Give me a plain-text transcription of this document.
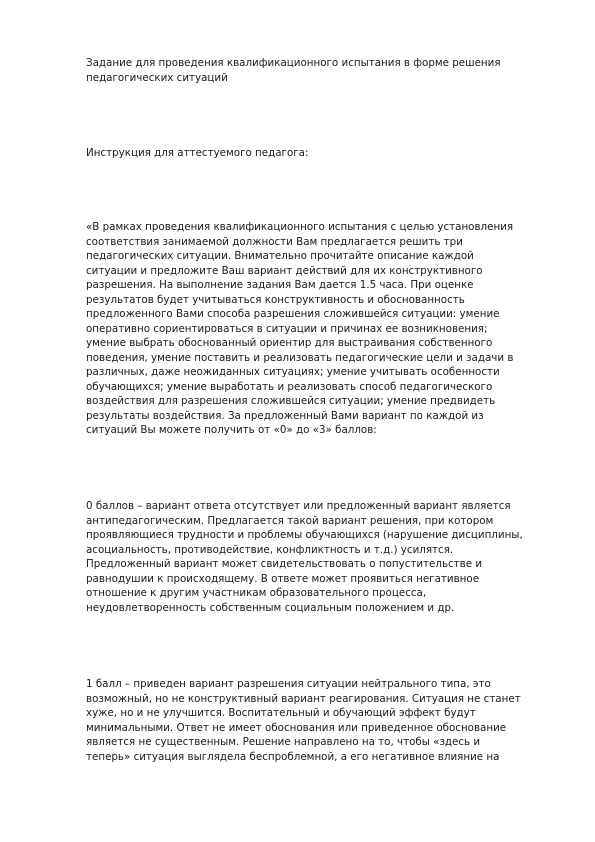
Задание для проведения квалификационного испытания в форме решения
педагогических ситуаций

Инструкция для аттестуемого педагога:

«В рамках проведения квалификационного испытания с целью установления
соответствия занимаемой должности Вам предлагается решить три
педагогических ситуации. Внимательно прочитайте описание каждой
ситуации и предложите Ваш вариант действий для их конструктивного
разрешения. На выполнение задания Вам дается 1.5 часа. При оценке
результатов будет учитываться конструктивность и обоснованность
предложенного Вами способа разрешения сложившейся ситуации: умение
оперативно сориентироваться в ситуации и причинах ее возникновения;
умение выбрать обоснованный ориентир для выстраивания собственного
поведения, умение поставить и реализовать педагогические цели и задачи в
различных, даже неожиданных ситуациях; умение учитывать особенности
обучающихся; умение выработать и реализовать способ педагогического
воздействия для разрешения сложившейся ситуации; умение предвидеть
результаты воздействия. За предложенный Вами вариант по каждой из
ситуаций Вы можете получить от «0» до «3» баллов:

0 баллов – вариант ответа отсутствует или предложенный вариант является
антипедагогическим. Предлагается такой вариант решения, при котором
проявляющиеся трудности и проблемы обучающихся (нарушение дисциплины,
асоциальность, противодействие, конфликтность и т.д.) усилятся.
Предложенный вариант может свидетельствовать о попустительстве и
равнодушии к происходящему. В ответе может проявиться негативное
отношение к другим участникам образовательного процесса,
неудовлетворенность собственным социальным положением и др.

1 балл – приведен вариант разрешения ситуации нейтрального типа, это
возможный, но не конструктивный вариант реагирования. Ситуация не станет
хуже, но и не улучшится. Воспитательный и обучающий эффект будут
минимальными. Ответ не имеет обоснования или приведенное обоснование
является не существенным. Решение направлено на то, чтобы «здесь и
теперь» ситуация выглядела беспроблемной, а его негативное влияние на
